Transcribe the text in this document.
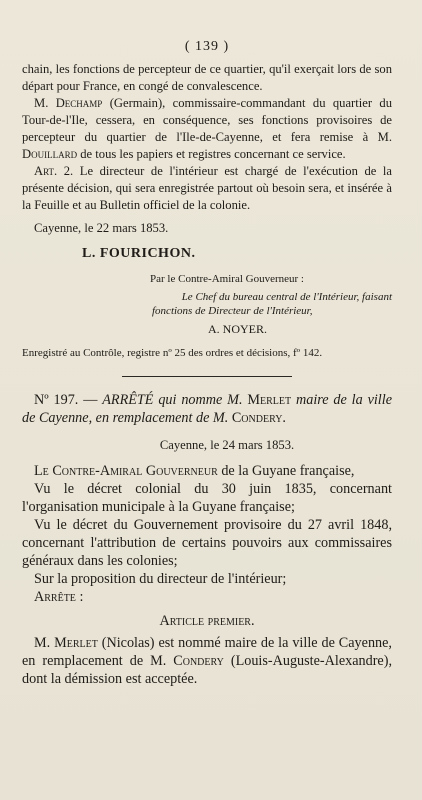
( 139 )

chain, les fonctions de percepteur de ce quartier, qu'il exerçait lors de son départ pour France, en congé de convalescence.

M. Dechamp (Germain), commissaire-commandant du quartier du Tour-de-l'Ile, cessera, en conséquence, ses fonctions provisoires de percepteur du quartier de l'Ile-de-Cayenne, et fera remise à M. Douillard de tous les papiers et registres concernant ce service.

Art. 2. Le directeur de l'intérieur est chargé de l'exécution de la présente décision, qui sera enregistrée partout où besoin sera, et insérée à la Feuille et au Bulletin officiel de la colonie.

Cayenne, le 22 mars 1853.

L. FOURICHON.

Par le Contre-Amiral Gouverneur :

Le Chef du bureau central de l'Intérieur, faisant

fonctions de Directeur de l'Intérieur,

A. NOYER.

Enregistré au Contrôle, registre nº 25 des ordres et décisions, fº 142.

Nº 197. — ARRÊTÉ qui nomme M. Merlet maire de la ville de Cayenne, en remplacement de M. Condery.

Cayenne, le 24 mars 1853.

Le Contre-Amiral Gouverneur de la Guyane française,

Vu le décret colonial du 30 juin 1835, concernant l'organisation municipale à la Guyane française;

Vu le décret du Gouvernement provisoire du 27 avril 1848, concernant l'attribution de certains pouvoirs aux commissaires généraux dans les colonies;

Sur la proposition du directeur de l'intérieur;

Arrête :

Article premier.

M. Merlet (Nicolas) est nommé maire de la ville de Cayenne, en remplacement de M. Condery (Louis-Auguste-Alexandre), dont la démission est acceptée.
